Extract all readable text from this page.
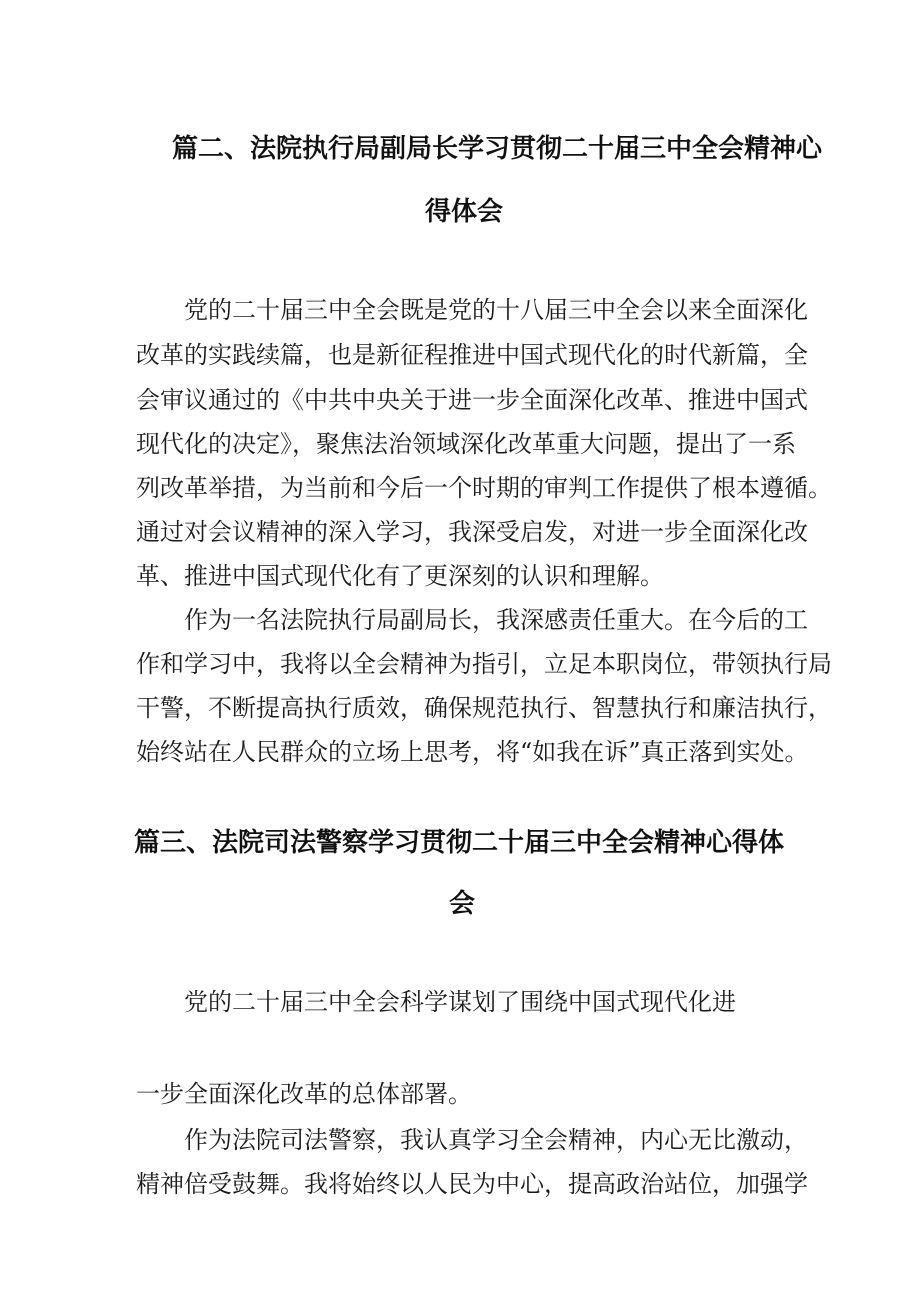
篇二、法院执行局副局长学习贯彻二十届三中全会精神心
得体会
党的二十届三中全会既是党的十八届三中全会以来全面深化
改革的实践续篇，也是新征程推进中国式现代化的时代新篇，全
会审议通过的《中共中央关于进一步全面深化改革、推进中国式
现代化的决定》，聚焦法治领域深化改革重大问题，提出了一系
列改革举措，为当前和今后一个时期的审判工作提供了根本遵循。
通过对会议精神的深入学习，我深受启发，对进一步全面深化改
革、推进中国式现代化有了更深刻的认识和理解。
作为一名法院执行局副局长，我深感责任重大。在今后的工
作和学习中，我将以全会精神为指引，立足本职岗位，带领执行局
干警，不断提高执行质效，确保规范执行、智慧执行和廉洁执行，
始终站在人民群众的立场上思考，将“如我在诉”真正落到实处。
篇三、法院司法警察学习贯彻二十届三中全会精神心得体
会
党的二十届三中全会科学谋划了围绕中国式现代化进
一步全面深化改革的总体部署。
作为法院司法警察，我认真学习全会精神，内心无比激动，
精神倍受鼓舞。我将始终以人民为中心，提高政治站位，加强学
